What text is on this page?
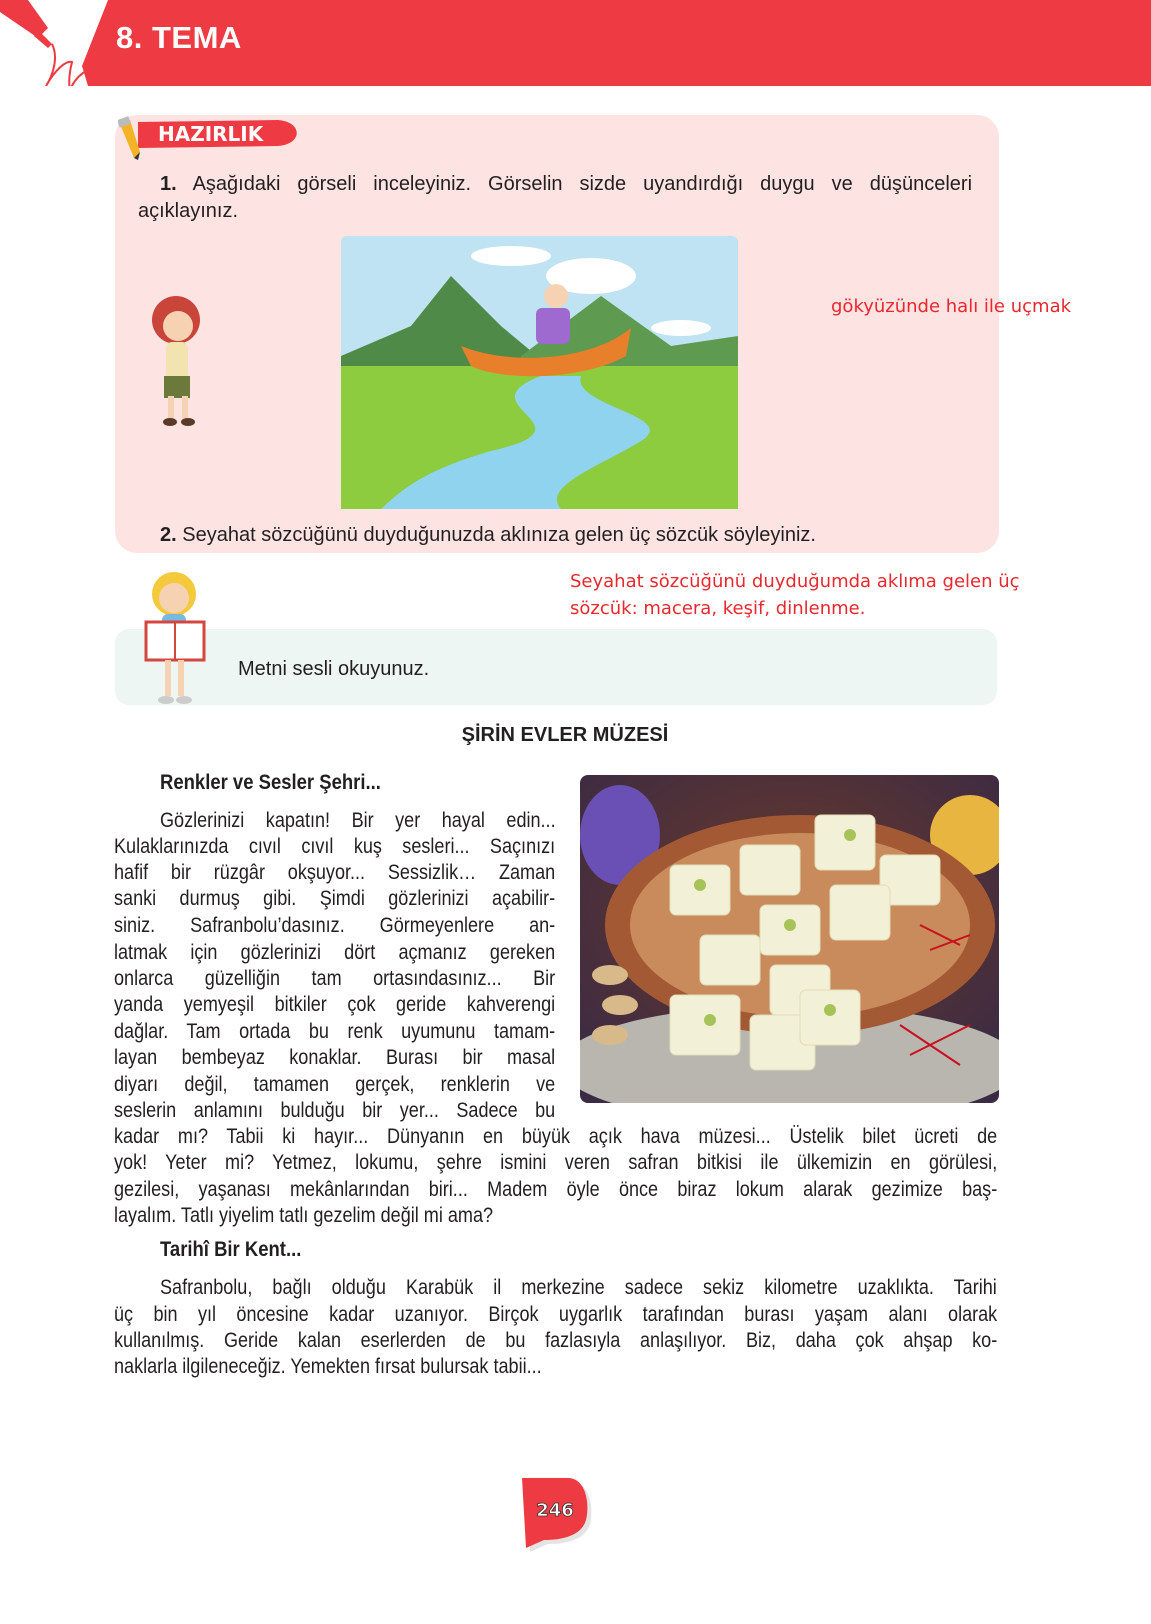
8. TEMA
HAZIRLIK
1. Aşağıdaki görseli inceleyiniz. Görselin sizde uyandırdığı duygu ve düşünceleri
açıklayınız.
gökyüzünde halı ile uçmak
2. Seyahat sözcüğünü duyduğunuzda aklınıza gelen üç sözcük söyleyiniz.
Seyahat sözcüğünü duyduğumda aklıma gelen üç
sözcük: macera, keşif, dinlenme.
Metni sesli okuyunuz.
ŞİRİN EVLER MÜZESİ
Renkler ve Sesler Şehri...
Gözlerinizi kapatın! Bir yer hayal edin...
Kulaklarınızda cıvıl cıvıl kuş sesleri... Saçınızı
hafif bir rüzgâr okşuyor... Sessizlik… Zaman
sanki durmuş gibi. Şimdi gözlerinizi açabilir-
siniz. Safranbolu’dasınız. Görmeyenlere an-
latmak için gözlerinizi dört açmanız gereken
onlarca güzelliğin tam ortasındasınız... Bir
yanda yemyeşil bitkiler çok geride kahverengi
dağlar. Tam ortada bu renk uyumunu tamam-
layan bembeyaz konaklar. Burası bir masal
diyarı değil, tamamen gerçek, renklerin ve
seslerin anlamını bulduğu bir yer... Sadece bu
kadar mı? Tabii ki hayır... Dünyanın en büyük açık hava müzesi... Üstelik bilet ücreti de
yok! Yeter mi? Yetmez, lokumu, şehre ismini veren safran bitkisi ile ülkemizin en görülesi,
gezilesi, yaşanası mekânlarından biri... Madem öyle önce biraz lokum alarak gezimize baş-
layalım. Tatlı yiyelim tatlı gezelim değil mi ama?
Tarihî Bir Kent...
Safranbolu, bağlı olduğu Karabük il merkezine sadece sekiz kilometre uzaklıkta. Tarihi
üç bin yıl öncesine kadar uzanıyor. Birçok uygarlık tarafından burası yaşam alanı olarak
kullanılmış. Geride kalan eserlerden de bu fazlasıyla anlaşılıyor. Biz, daha çok ahşap ko-
naklarla ilgileneceğiz. Yemekten fırsat bulursak tabii...
246
